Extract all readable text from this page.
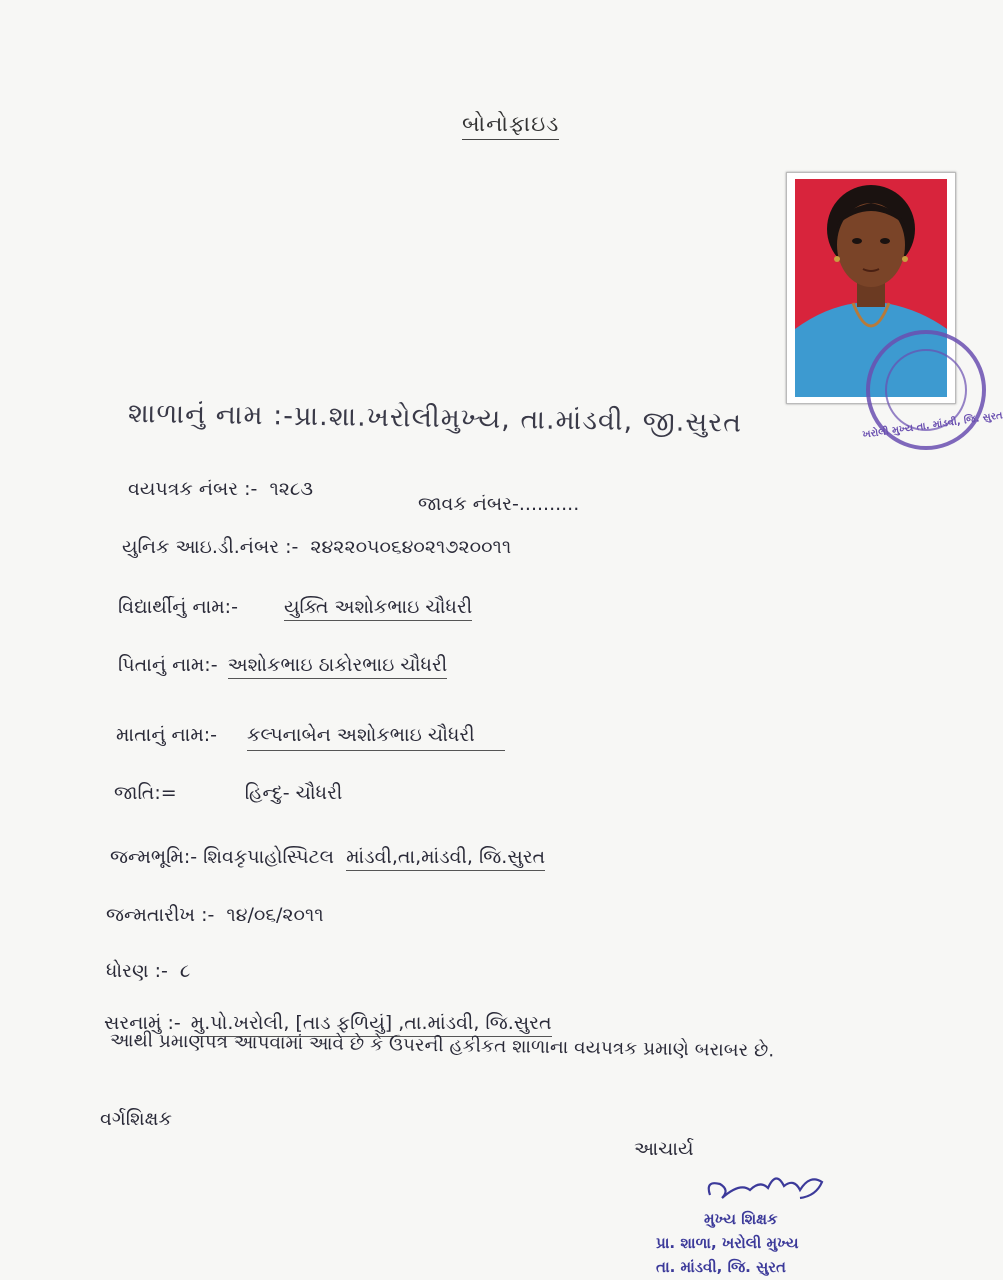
બોનોફાઇડ
ખરોલી મુખ્ય તા. માંડવી, જિ. સુરત
શાળાનું નામ :-પ્રા.શા.ખરોલીમુખ્ય, તા.માંડવી, જી.સુરત
વયપત્રક નંબર :- ૧૨૮૩
જાવક નંબર-..........
યુનિક આઇ.ડી.નંબર :- ૨૪૨૨૦૫૦૬૪૦૨૧૭૨૦૦૧૧
વિદ્યાર્થીનું નામ:- યુક્તિ અશોકભાઇ ચૌધરી
પિતાનું નામ:- અશોકભાઇ ઠાકોરભાઇ ચૌધરી
માતાનું નામ:- કલ્પનાબેન અશોકભાઇ ચૌધરી
જાતિ:=	હિન્દુ- ચૌધરી
જન્મભૂમિ:- શિવકૃપાહોસ્પિટલ માંડવી,તા,માંડવી, જિ.સુરત
જન્મતારીખ :- ૧૪/૦૬/૨૦૧૧
ધોરણ :- ૮
સરનામું :- મુ.પો.ખરોલી, [તાડ ફળિયું] ,તા.માંડવી, જિ.સુરત
આથી પ્રમાણપત્ર આપવામાં આવે છે કે ઉપરની હકીકત શાળાના વયપત્રક પ્રમાણે બરાબર છે.
વર્ગશિક્ષક
આચાર્ય
મુખ્ય શિક્ષક
પ્રા. શાળા, ખરોલી મુખ્ય
તા. માંડવી, જિ. સુરત
